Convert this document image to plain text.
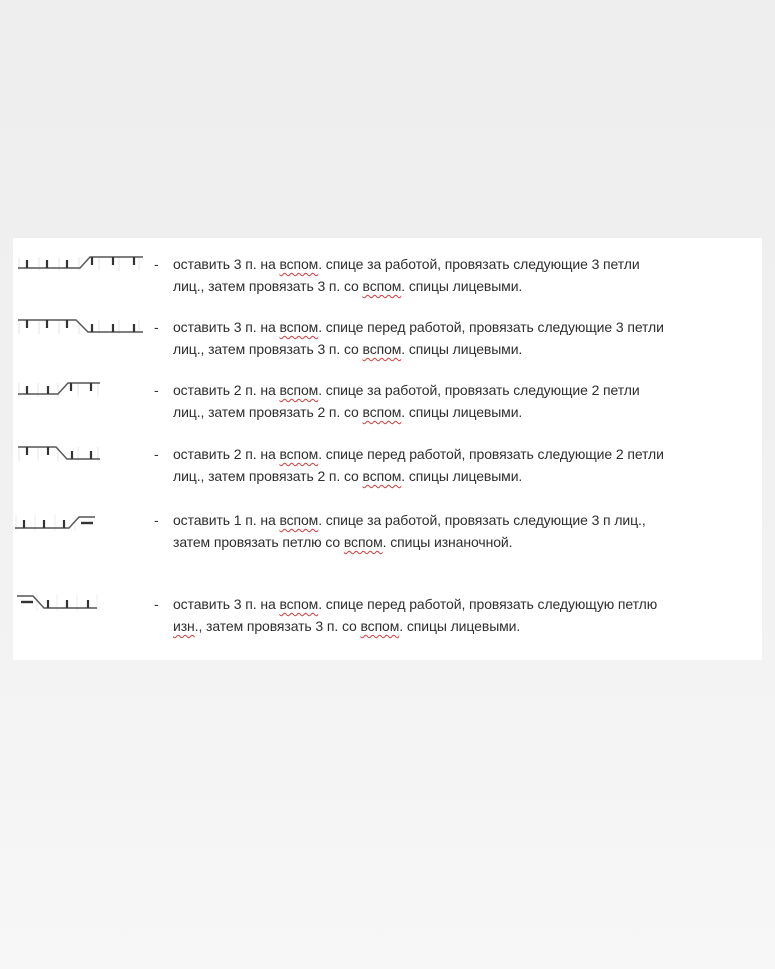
- оставить 3 п. на вспом. спице за работой, провязать следующие 3 петли
лиц., затем провязать 3 п. со вспом. спицы лицевыми.
- оставить 3 п. на вспом. спице перед работой, провязать следующие 3 петли
лиц., затем провязать 3 п. со вспом. спицы лицевыми.
- оставить 2 п. на вспом. спице за работой, провязать следующие 2 петли
лиц., затем провязать 2 п. со вспом. спицы лицевыми.
- оставить 2 п. на вспом. спице перед работой, провязать следующие 2 петли
лиц., затем провязать 2 п. со вспом. спицы лицевыми.
- оставить 1 п. на вспом. спице за работой, провязать следующие 3 п лиц.,
затем провязать петлю со вспом. спицы изнаночной.
- оставить 3 п. на вспом. спице перед работой, провязать следующую петлю
изн., затем провязать 3 п. со вспом. спицы лицевыми.
